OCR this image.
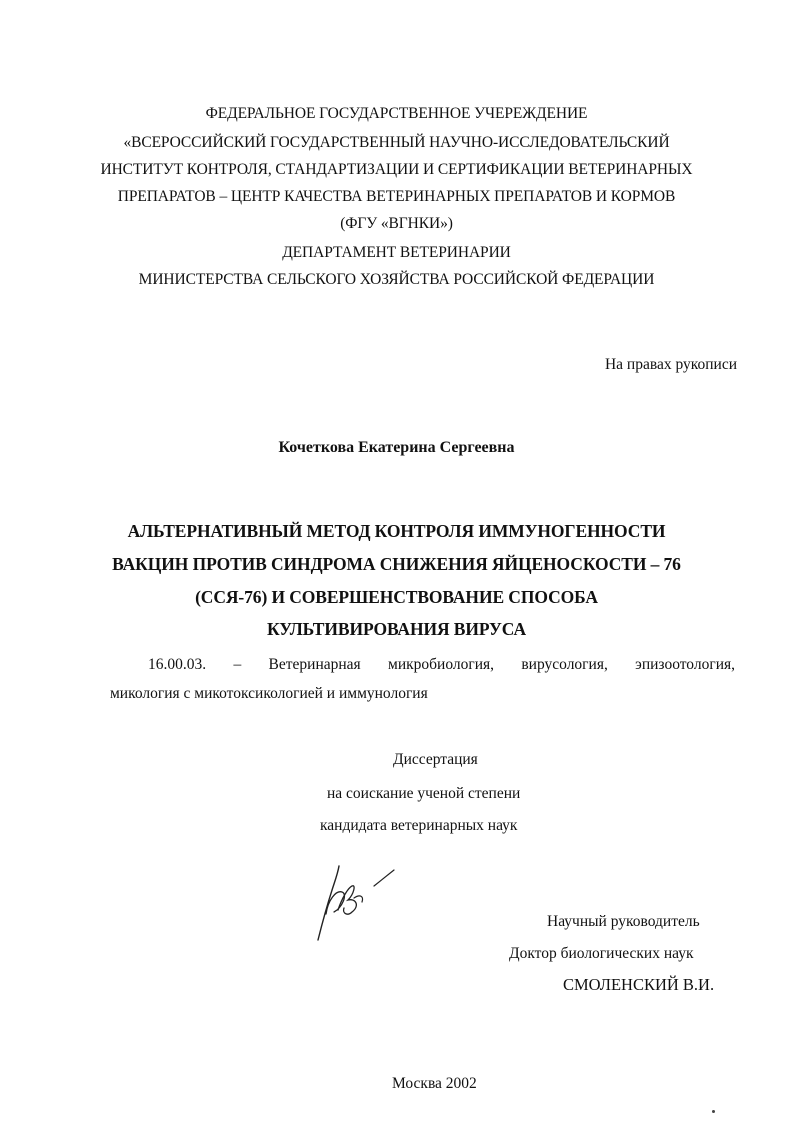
ФЕДЕРАЛЬНОЕ ГОСУДАРСТВЕННОЕ УЧЕРЕЖДЕНИЕ
«ВСЕРОССИЙСКИЙ ГОСУДАРСТВЕННЫЙ НАУЧНО-ИССЛЕДОВАТЕЛЬСКИЙ
ИНСТИТУТ КОНТРОЛЯ, СТАНДАРТИЗАЦИИ И СЕРТИФИКАЦИИ ВЕТЕРИНАРНЫХ
ПРЕПАРАТОВ – ЦЕНТР КАЧЕСТВА ВЕТЕРИНАРНЫХ ПРЕПАРАТОВ И КОРМОВ
(ФГУ «ВГНКИ»)
ДЕПАРТАМЕНТ ВЕТЕРИНАРИИ
МИНИСТЕРСТВА СЕЛЬСКОГО ХОЗЯЙСТВА РОССИЙСКОЙ ФЕДЕРАЦИИ
На правах рукописи
Кочеткова Екатерина Сергеевна
АЛЬТЕРНАТИВНЫЙ МЕТОД КОНТРОЛЯ ИММУНОГЕННОСТИ
ВАКЦИН ПРОТИВ СИНДРОМА СНИЖЕНИЯ ЯЙЦЕНОСКОСТИ – 76
(ССЯ-76) И СОВЕРШЕНСТВОВАНИЕ СПОСОБА
КУЛЬТИВИРОВАНИЯ ВИРУСА
16.00.03. – Ветеринарная микробиология, вирусология, эпизоотология,
микология с микотоксикологией и иммунология
Диссертация
на соискание ученой степени
кандидата ветеринарных наук
Научный руководитель
Доктор биологических наук
СМОЛЕНСКИЙ В.И.
Москва 2002
